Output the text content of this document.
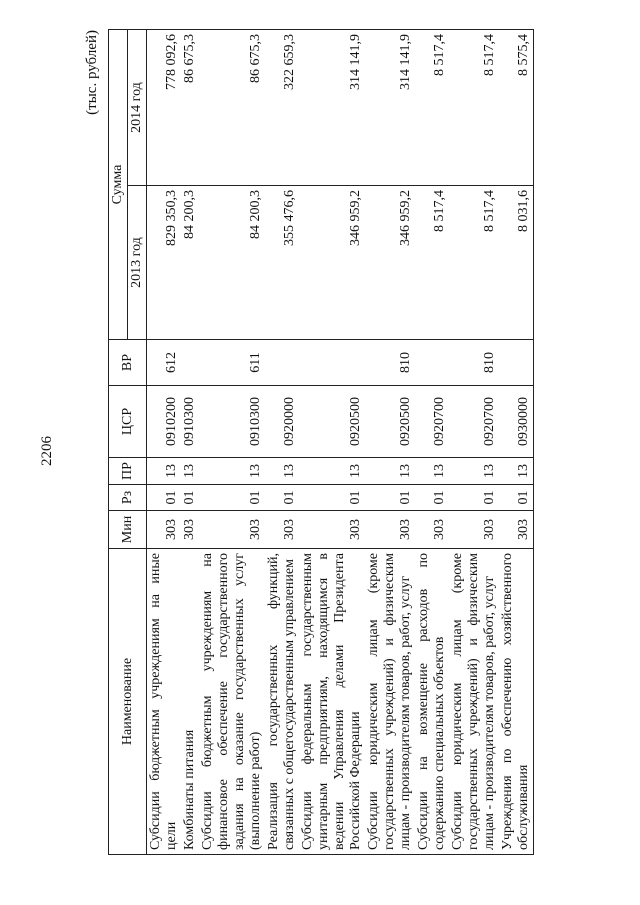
2206
(тыс. рублей)
Наименование	Мин	Рз	ПР	ЦСР	ВР	Сумма	
						2013 год	2014 год
Субсидии бюджетным учреждениям на иные цели	303	01	13	0910200	612	829 350,3	778 092,6
Комбинаты питания	303	01	13	0910300		84 200,3	86 675,3
Субсидии бюджетным учреждениям на финансовое обеспечение государственного задания на оказание государственных услуг (выполнение работ)	303	01	13	0910300	611	84 200,3	86 675,3
Реализация государственных функций, связанных с общегосударственным управлением	303	01	13	0920000		355 476,6	322 659,3
Субсидии федеральным государственным унитарным предприятиям, находящимся в ведении Управления делами Президента Российской Федерации	303	01	13	0920500		346 959,2	314 141,9
Субсидии юридическим лицам (кроме государственных учреждений) и физическим лицам - производителям товаров, работ, услуг	303	01	13	0920500	810	346 959,2	314 141,9
Субсидии на возмещение расходов по содержанию специальных объектов	303	01	13	0920700		8 517,4	8 517,4
Субсидии юридическим лицам (кроме государственных учреждений) и физическим лицам - производителям товаров, работ, услуг	303	01	13	0920700	810	8 517,4	8 517,4
Учреждения по обеспечению хозяйственного обслуживания	303	01	13	0930000		8 031,6	8 575,4
